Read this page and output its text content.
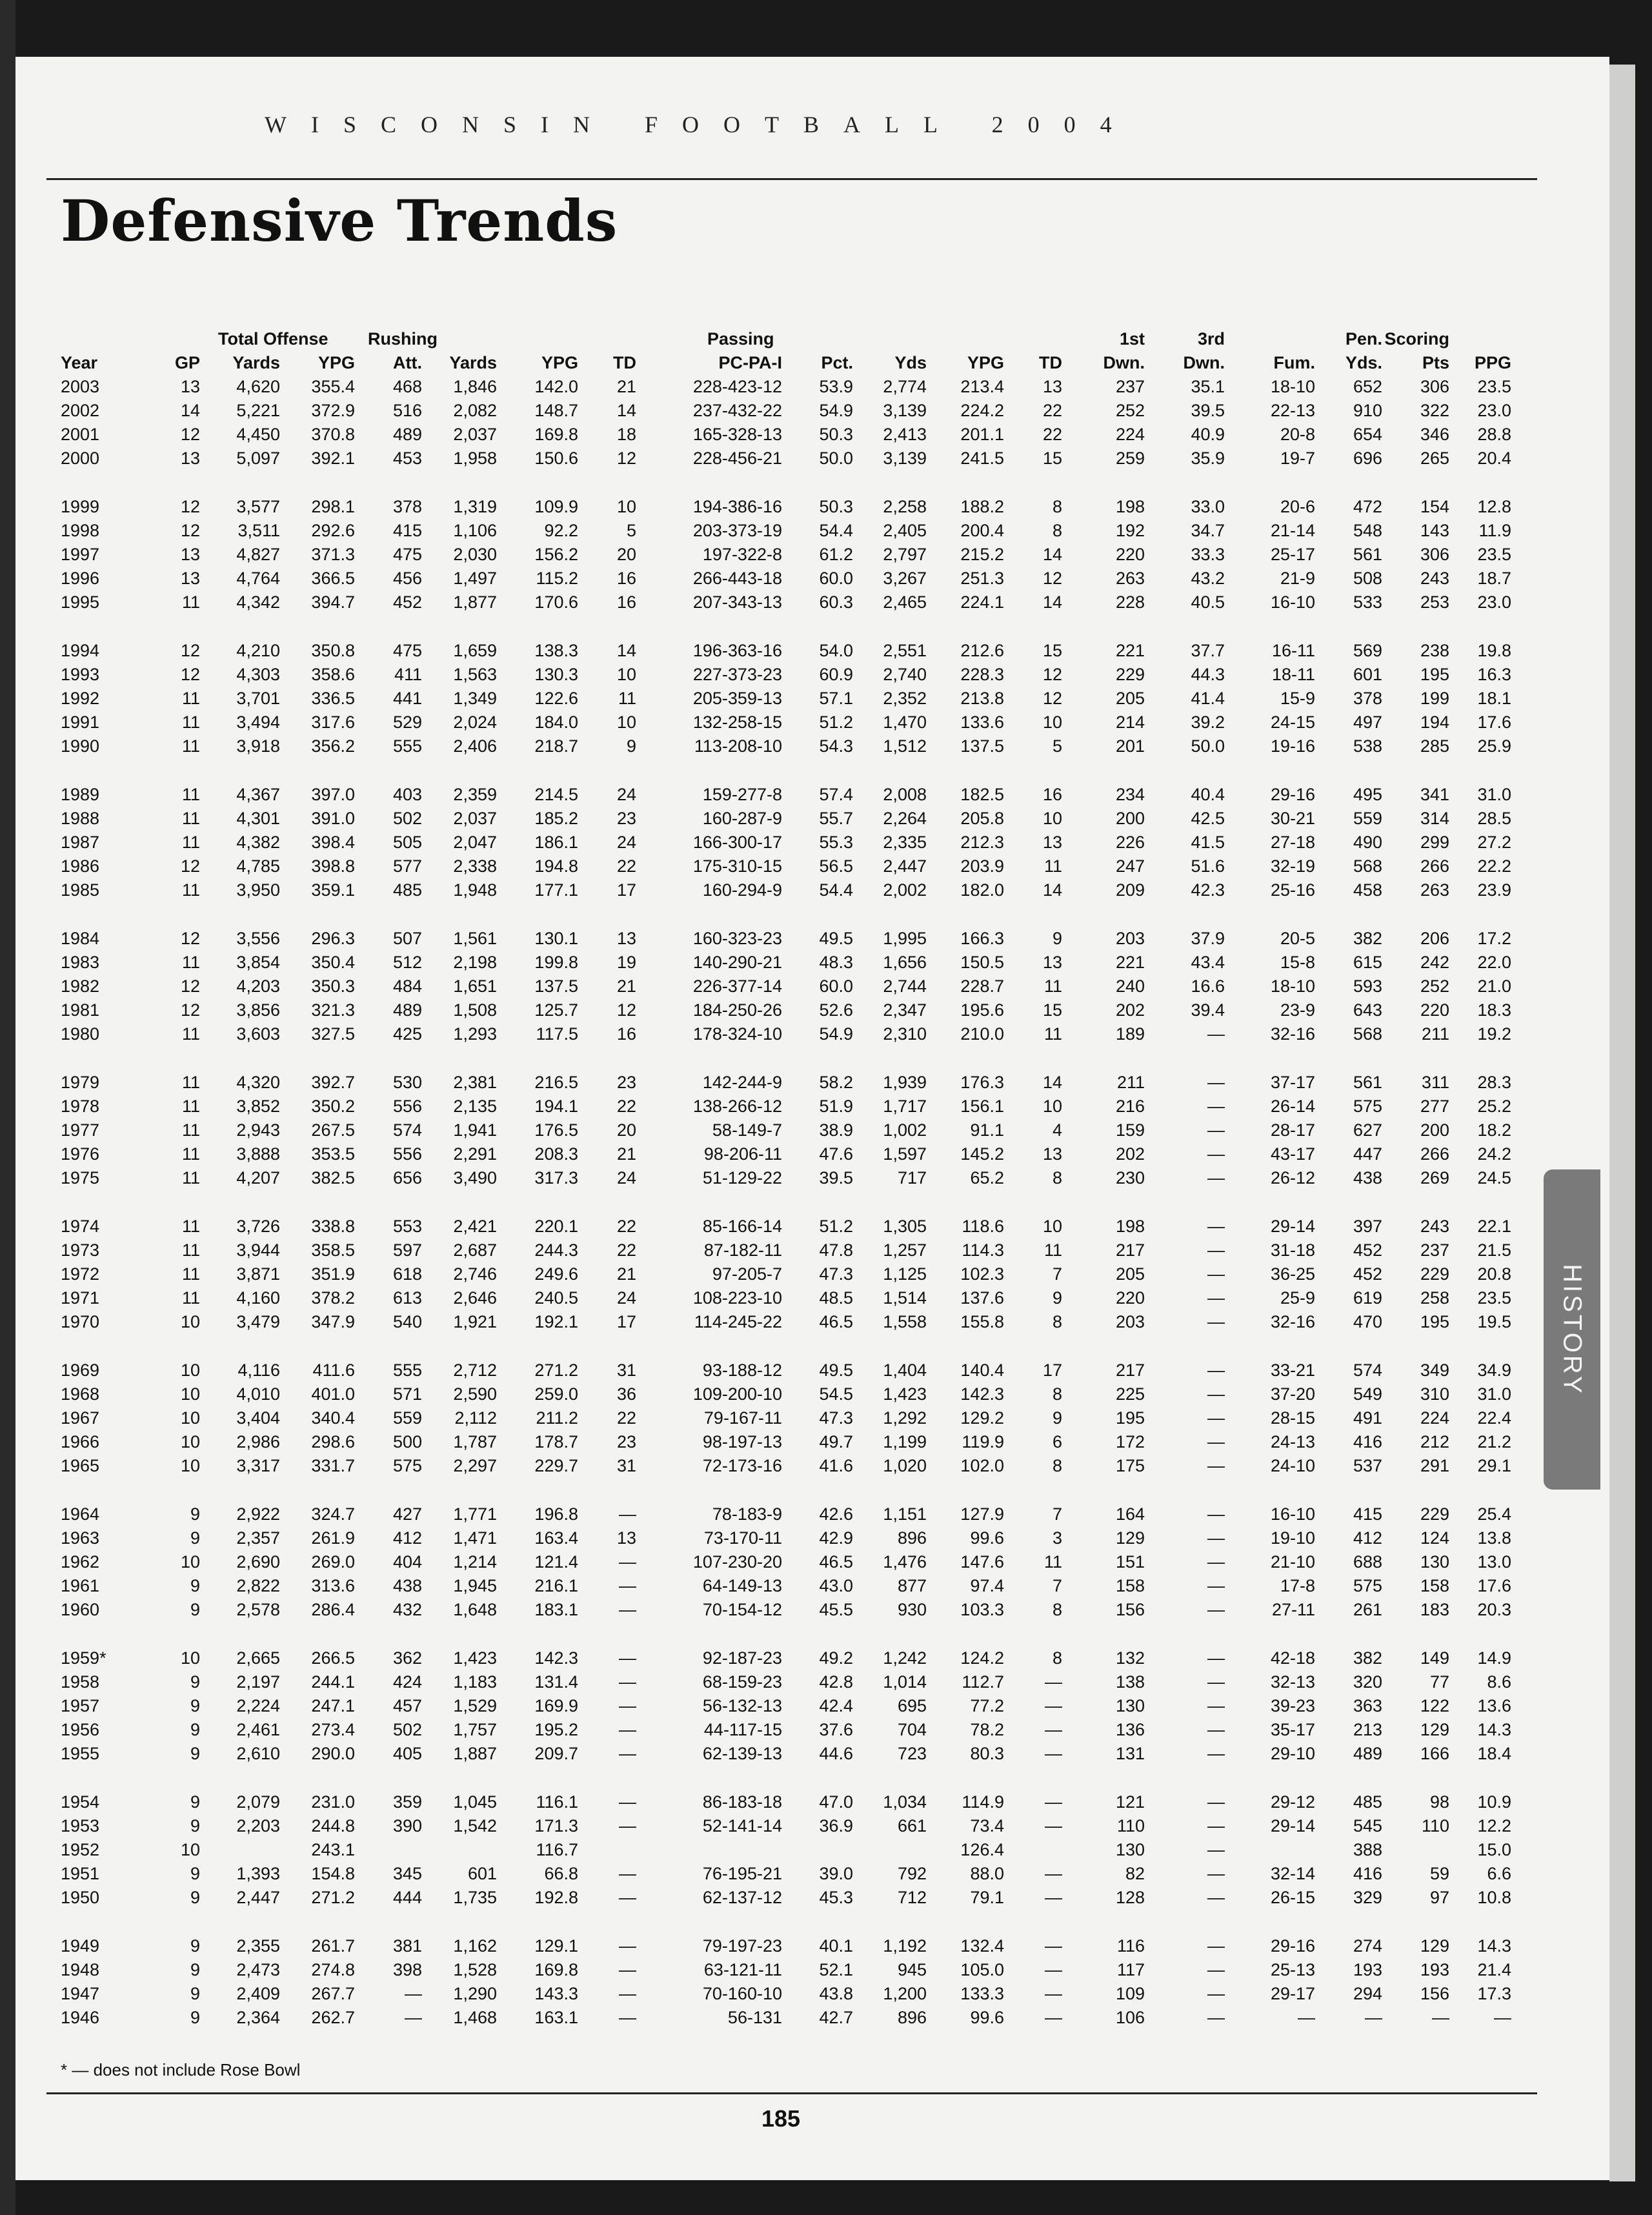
WISCONSIN FOOTBALL 2004
Defensive Trends
		Total Offense		Rushing				Passing					1st	3rd		Pen.	Scoring	
Year	GP	Yards	YPG	Att.	Yards	YPG	TD	PC-PA-I	Pct.	Yds	YPG	TD	Dwn.	Dwn.	Fum.	Yds.	Pts	PPG
2003	13	4,620	355.4	468	1,846	142.0	21	228-423-12	53.9	2,774	213.4	13	237	35.1	18-10	652	306	23.5
2002	14	5,221	372.9	516	2,082	148.7	14	237-432-22	54.9	3,139	224.2	22	252	39.5	22-13	910	322	23.0
2001	12	4,450	370.8	489	2,037	169.8	18	165-328-13	50.3	2,413	201.1	22	224	40.9	20-8	654	346	28.8
2000	13	5,097	392.1	453	1,958	150.6	12	228-456-21	50.0	3,139	241.5	15	259	35.9	19-7	696	265	20.4

1999	12	3,577	298.1	378	1,319	109.9	10	194-386-16	50.3	2,258	188.2	8	198	33.0	20-6	472	154	12.8
1998	12	3,511	292.6	415	1,106	92.2	5	203-373-19	54.4	2,405	200.4	8	192	34.7	21-14	548	143	11.9
1997	13	4,827	371.3	475	2,030	156.2	20	197-322-8	61.2	2,797	215.2	14	220	33.3	25-17	561	306	23.5
1996	13	4,764	366.5	456	1,497	115.2	16	266-443-18	60.0	3,267	251.3	12	263	43.2	21-9	508	243	18.7
1995	11	4,342	394.7	452	1,877	170.6	16	207-343-13	60.3	2,465	224.1	14	228	40.5	16-10	533	253	23.0

1994	12	4,210	350.8	475	1,659	138.3	14	196-363-16	54.0	2,551	212.6	15	221	37.7	16-11	569	238	19.8
1993	12	4,303	358.6	411	1,563	130.3	10	227-373-23	60.9	2,740	228.3	12	229	44.3	18-11	601	195	16.3
1992	11	3,701	336.5	441	1,349	122.6	11	205-359-13	57.1	2,352	213.8	12	205	41.4	15-9	378	199	18.1
1991	11	3,494	317.6	529	2,024	184.0	10	132-258-15	51.2	1,470	133.6	10	214	39.2	24-15	497	194	17.6
1990	11	3,918	356.2	555	2,406	218.7	9	113-208-10	54.3	1,512	137.5	5	201	50.0	19-16	538	285	25.9

1989	11	4,367	397.0	403	2,359	214.5	24	159-277-8	57.4	2,008	182.5	16	234	40.4	29-16	495	341	31.0
1988	11	4,301	391.0	502	2,037	185.2	23	160-287-9	55.7	2,264	205.8	10	200	42.5	30-21	559	314	28.5
1987	11	4,382	398.4	505	2,047	186.1	24	166-300-17	55.3	2,335	212.3	13	226	41.5	27-18	490	299	27.2
1986	12	4,785	398.8	577	2,338	194.8	22	175-310-15	56.5	2,447	203.9	11	247	51.6	32-19	568	266	22.2
1985	11	3,950	359.1	485	1,948	177.1	17	160-294-9	54.4	2,002	182.0	14	209	42.3	25-16	458	263	23.9

1984	12	3,556	296.3	507	1,561	130.1	13	160-323-23	49.5	1,995	166.3	9	203	37.9	20-5	382	206	17.2
1983	11	3,854	350.4	512	2,198	199.8	19	140-290-21	48.3	1,656	150.5	13	221	43.4	15-8	615	242	22.0
1982	12	4,203	350.3	484	1,651	137.5	21	226-377-14	60.0	2,744	228.7	11	240	16.6	18-10	593	252	21.0
1981	12	3,856	321.3	489	1,508	125.7	12	184-250-26	52.6	2,347	195.6	15	202	39.4	23-9	643	220	18.3
1980	11	3,603	327.5	425	1,293	117.5	16	178-324-10	54.9	2,310	210.0	11	189	—	32-16	568	211	19.2

1979	11	4,320	392.7	530	2,381	216.5	23	142-244-9	58.2	1,939	176.3	14	211	—	37-17	561	311	28.3
1978	11	3,852	350.2	556	2,135	194.1	22	138-266-12	51.9	1,717	156.1	10	216	—	26-14	575	277	25.2
1977	11	2,943	267.5	574	1,941	176.5	20	58-149-7	38.9	1,002	91.1	4	159	—	28-17	627	200	18.2
1976	11	3,888	353.5	556	2,291	208.3	21	98-206-11	47.6	1,597	145.2	13	202	—	43-17	447	266	24.2
1975	11	4,207	382.5	656	3,490	317.3	24	51-129-22	39.5	717	65.2	8	230	—	26-12	438	269	24.5

1974	11	3,726	338.8	553	2,421	220.1	22	85-166-14	51.2	1,305	118.6	10	198	—	29-14	397	243	22.1
1973	11	3,944	358.5	597	2,687	244.3	22	87-182-11	47.8	1,257	114.3	11	217	—	31-18	452	237	21.5
1972	11	3,871	351.9	618	2,746	249.6	21	97-205-7	47.3	1,125	102.3	7	205	—	36-25	452	229	20.8
1971	11	4,160	378.2	613	2,646	240.5	24	108-223-10	48.5	1,514	137.6	9	220	—	25-9	619	258	23.5
1970	10	3,479	347.9	540	1,921	192.1	17	114-245-22	46.5	1,558	155.8	8	203	—	32-16	470	195	19.5

1969	10	4,116	411.6	555	2,712	271.2	31	93-188-12	49.5	1,404	140.4	17	217	—	33-21	574	349	34.9
1968	10	4,010	401.0	571	2,590	259.0	36	109-200-10	54.5	1,423	142.3	8	225	—	37-20	549	310	31.0
1967	10	3,404	340.4	559	2,112	211.2	22	79-167-11	47.3	1,292	129.2	9	195	—	28-15	491	224	22.4
1966	10	2,986	298.6	500	1,787	178.7	23	98-197-13	49.7	1,199	119.9	6	172	—	24-13	416	212	21.2
1965	10	3,317	331.7	575	2,297	229.7	31	72-173-16	41.6	1,020	102.0	8	175	—	24-10	537	291	29.1

1964	9	2,922	324.7	427	1,771	196.8	—	78-183-9	42.6	1,151	127.9	7	164	—	16-10	415	229	25.4
1963	9	2,357	261.9	412	1,471	163.4	13	73-170-11	42.9	896	99.6	3	129	—	19-10	412	124	13.8
1962	10	2,690	269.0	404	1,214	121.4	—	107-230-20	46.5	1,476	147.6	11	151	—	21-10	688	130	13.0
1961	9	2,822	313.6	438	1,945	216.1	—	64-149-13	43.0	877	97.4	7	158	—	17-8	575	158	17.6
1960	9	2,578	286.4	432	1,648	183.1	—	70-154-12	45.5	930	103.3	8	156	—	27-11	261	183	20.3

1959*	10	2,665	266.5	362	1,423	142.3	—	92-187-23	49.2	1,242	124.2	8	132	—	42-18	382	149	14.9
1958	9	2,197	244.1	424	1,183	131.4	—	68-159-23	42.8	1,014	112.7	—	138	—	32-13	320	77	8.6
1957	9	2,224	247.1	457	1,529	169.9	—	56-132-13	42.4	695	77.2	—	130	—	39-23	363	122	13.6
1956	9	2,461	273.4	502	1,757	195.2	—	44-117-15	37.6	704	78.2	—	136	—	35-17	213	129	14.3
1955	9	2,610	290.0	405	1,887	209.7	—	62-139-13	44.6	723	80.3	—	131	—	29-10	489	166	18.4

1954	9	2,079	231.0	359	1,045	116.1	—	86-183-18	47.0	1,034	114.9	—	121	—	29-12	485	98	10.9
1953	9	2,203	244.8	390	1,542	171.3	—	52-141-14	36.9	661	73.4	—	110	—	29-14	545	110	12.2
1952	10		243.1			116.7					126.4		130	—		388		15.0
1951	9	1,393	154.8	345	601	66.8	—	76-195-21	39.0	792	88.0	—	82	—	32-14	416	59	6.6
1950	9	2,447	271.2	444	1,735	192.8	—	62-137-12	45.3	712	79.1	—	128	—	26-15	329	97	10.8

1949	9	2,355	261.7	381	1,162	129.1	—	79-197-23	40.1	1,192	132.4	—	116	—	29-16	274	129	14.3
1948	9	2,473	274.8	398	1,528	169.8	—	63-121-11	52.1	945	105.0	—	117	—	25-13	193	193	21.4
1947	9	2,409	267.7	—	1,290	143.3	—	70-160-10	43.8	1,200	133.3	—	109	—	29-17	294	156	17.3
1946	9	2,364	262.7	—	1,468	163.1	—	56-131	42.7	896	99.6	—	106	—	—	—	—	—
* — does not include Rose Bowl
185
HISTORY
